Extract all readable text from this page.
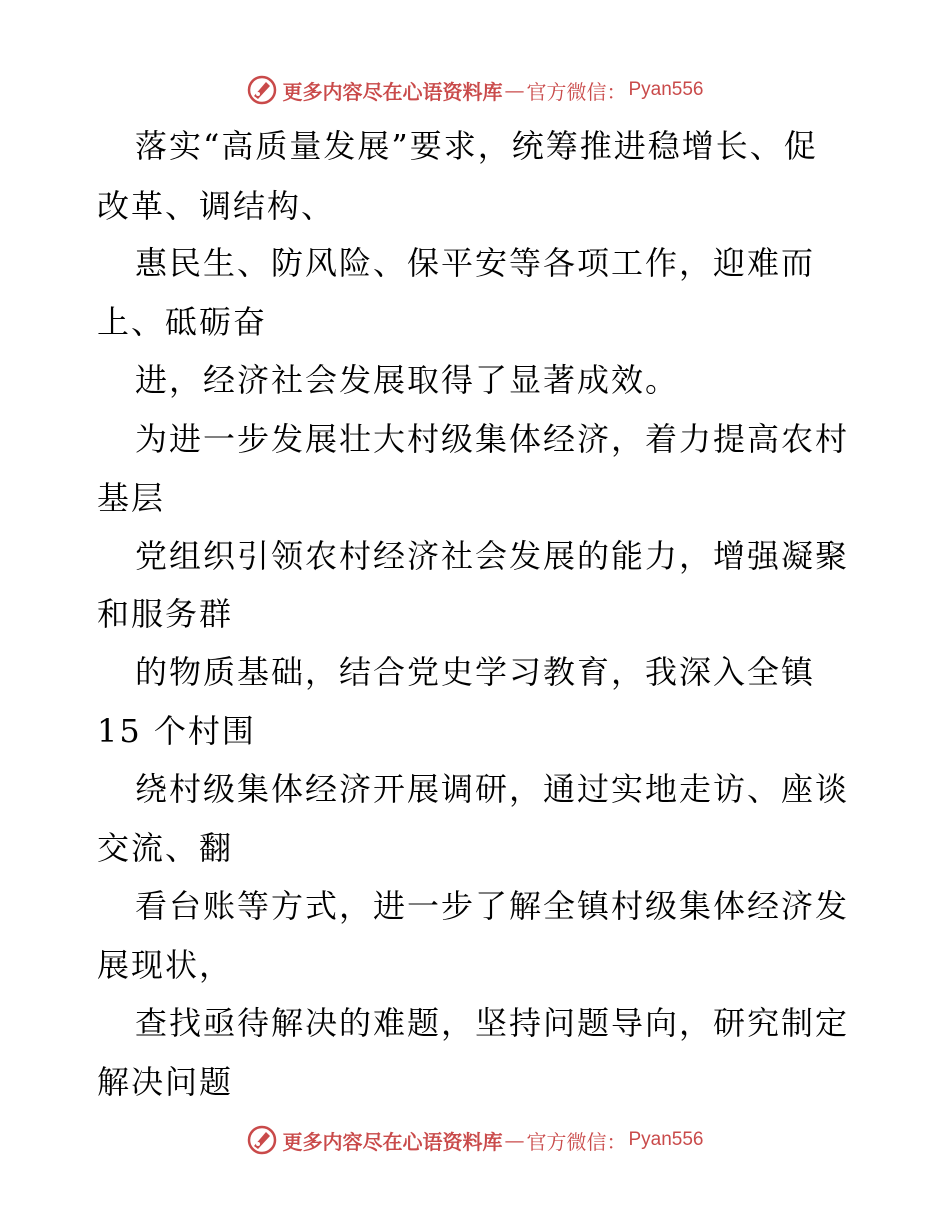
更多内容尽在心语资料库 — 官方微信： Pyan556
落实“高质量发展”要求，统筹推进稳增长、促
改革、调结构、
惠民生、防风险、保平安等各项工作，迎难而
上、砥砺奋
进，经济社会发展取得了显著成效。
为进一步发展壮大村级集体经济，着力提高农村
基层
党组织引领农村经济社会发展的能力，增强凝聚
和服务群
的物质基础，结合党史学习教育，我深入全镇
15 个村围
绕村级集体经济开展调研，通过实地走访、座谈
交流、翻
看台账等方式，进一步了解全镇村级集体经济发
展现状，
查找亟待解决的难题，坚持问题导向，研究制定
解决问题
更多内容尽在心语资料库 — 官方微信： Pyan556
